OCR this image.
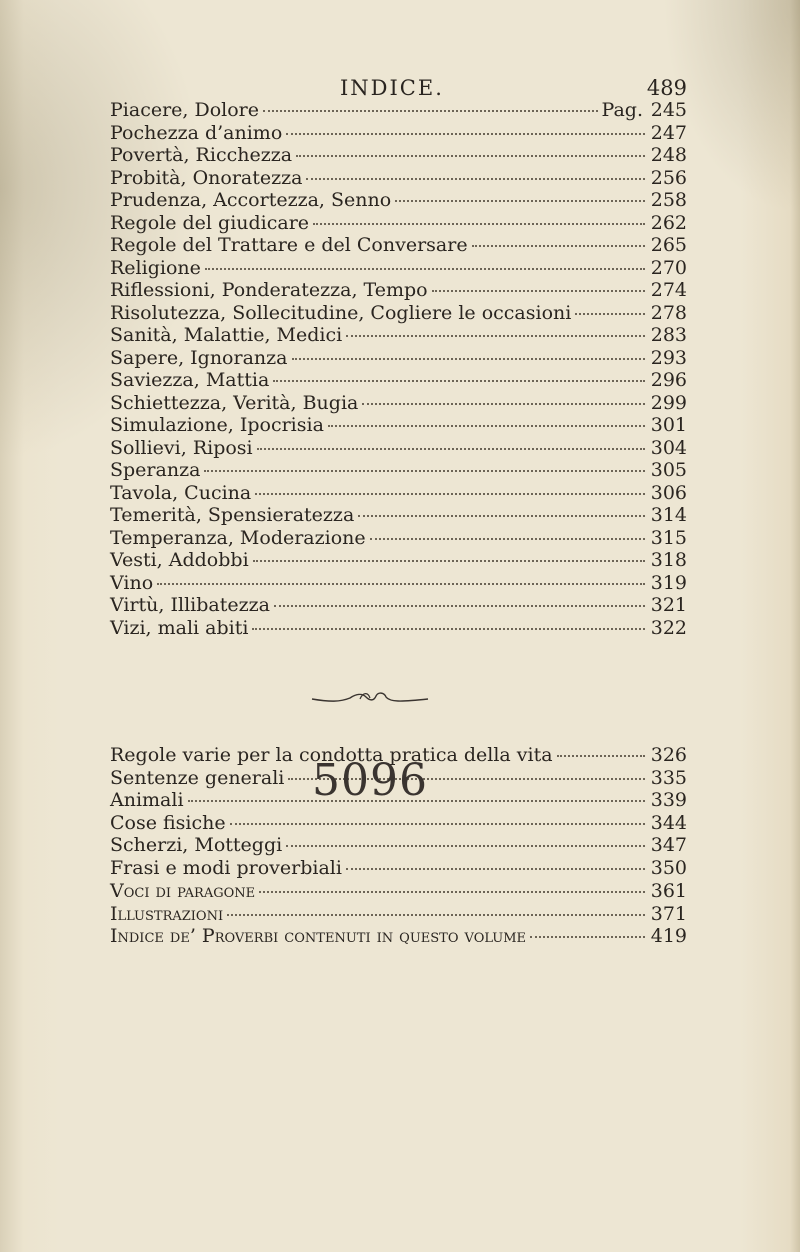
INDICE.	489
Piacere, Dolore	Pag. 245
Pochezza d’animo	247
Povertà, Ricchezza	248
Probità, Onoratezza	256
Prudenza, Accortezza, Senno	258
Regole del giudicare	262
Regole del Trattare e del Conversare	265
Religione	270
Riflessioni, Ponderatezza, Tempo	274
Risolutezza, Sollecitudine, Cogliere le occasioni	278
Sanità, Malattie, Medici	283
Sapere, Ignoranza	293
Saviezza, Mattia	296
Schiettezza, Verità, Bugia	299
Simulazione, Ipocrisia	301
Sollievi, Riposi	304
Speranza	305
Tavola, Cucina	306
Temerità, Spensieratezza	314
Temperanza, Moderazione	315
Vesti, Addobbi	318
Vino	319
Virtù, Illibatezza	321
Vizi, mali abiti	322
Regole varie per la condotta pratica della vita	326
Sentenze generali	335
Animali	339
Cose fisiche	344
Scherzi, Motteggi	347
Frasi e modi proverbiali	350
Voci di paragone	361
Illustrazioni	371
Indice de’ Proverbi contenuti in questo volume	419
5096
